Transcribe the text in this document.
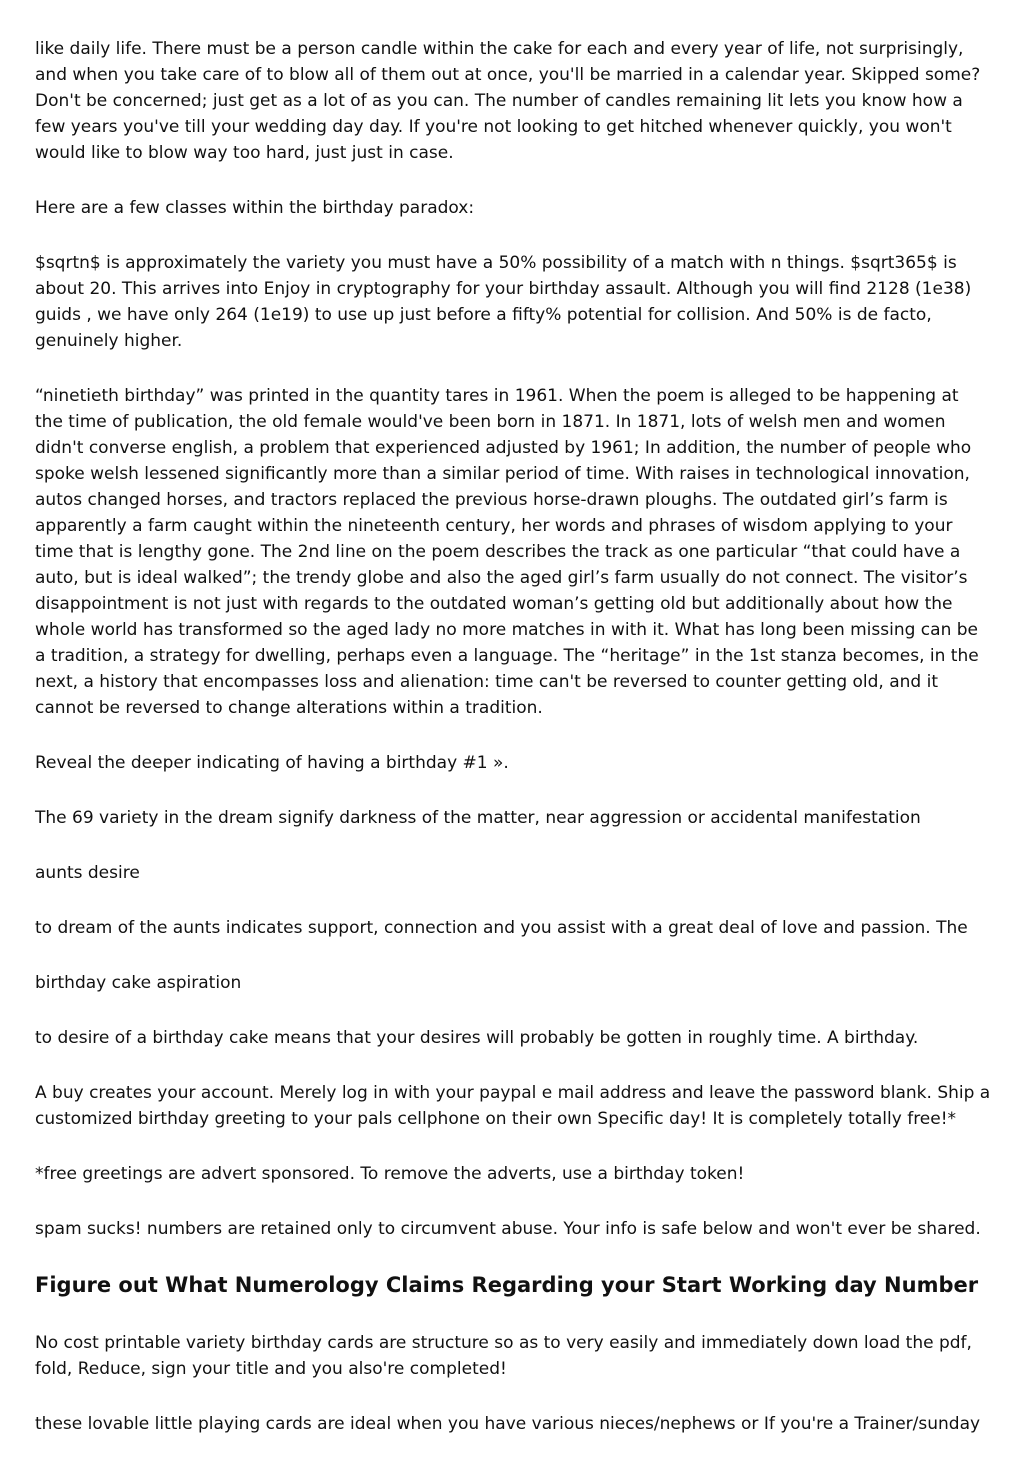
like daily life. There must be a person candle within the cake for each and every year of life, not surprisingly, and when you take care of to blow all of them out at once, you'll be married in a calendar year. Skipped some? Don't be concerned; just get as a lot of as you can. The number of candles remaining lit lets you know how a few years you've till your wedding day day. If you're not looking to get hitched whenever quickly, you won't would like to blow way too hard, just just in case.

Here are a few classes within the birthday paradox:

$sqrtn$ is approximately the variety you must have a 50% possibility of a match with n things. $sqrt365$ is about 20. This arrives into Enjoy in cryptography for your birthday assault. Although you will find 2128 (1e38) guids , we have only 264 (1e19) to use up just before a fifty% potential for collision. And 50% is de facto, genuinely higher.

“ninetieth birthday” was printed in the quantity tares in 1961. When the poem is alleged to be happening at the time of publication, the old female would've been born in 1871. In 1871, lots of welsh men and women didn't converse english, a problem that experienced adjusted by 1961; In addition, the number of people who spoke welsh lessened significantly more than a similar period of time. With raises in technological innovation, autos changed horses, and tractors replaced the previous horse-drawn ploughs. The outdated girl’s farm is apparently a farm caught within the nineteenth century, her words and phrases of wisdom applying to your time that is lengthy gone. The 2nd line on the poem describes the track as one particular “that could have a auto, but is ideal walked”; the trendy globe and also the aged girl’s farm usually do not connect. The visitor’s disappointment is not just with regards to the outdated woman’s getting old but additionally about how the whole world has transformed so the aged lady no more matches in with it. What has long been missing can be a tradition, a strategy for dwelling, perhaps even a language. The “heritage” in the 1st stanza becomes, in the next, a history that encompasses loss and alienation: time can't be reversed to counter getting old, and it cannot be reversed to change alterations within a tradition.

Reveal the deeper indicating of having a birthday #1 ».

The 69 variety in the dream signify darkness of the matter, near aggression or accidental manifestation

aunts desire

to dream of the aunts indicates support, connection and you assist with a great deal of love and passion. The

birthday cake aspiration

to desire of a birthday cake means that your desires will probably be gotten in roughly time. A birthday.

A buy creates your account. Merely log in with your paypal e mail address and leave the password blank. Ship a customized birthday greeting to your pals cellphone on their own Specific day! It is completely totally free!*

*free greetings are advert sponsored. To remove the adverts, use a birthday token!

spam sucks! numbers are retained only to circumvent abuse. Your info is safe below and won't ever be shared.

Figure out What Numerology Claims Regarding your Start Working day Number

No cost printable variety birthday cards are structure so as to very easily and immediately down load the pdf, fold, Reduce, sign your title and you also're completed!

these lovable little playing cards are ideal when you have various nieces/nephews or If you're a Trainer/sunday
